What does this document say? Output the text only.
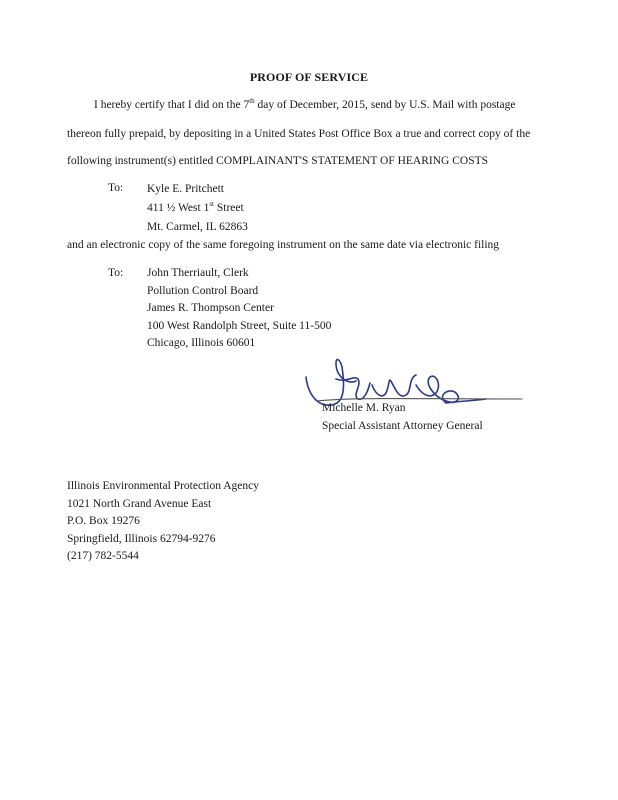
PROOF OF SERVICE
I hereby certify that I did on the 7th day of December, 2015, send by U.S. Mail with postage
thereon fully prepaid, by depositing in a United States Post Office Box a true and correct copy of the
following instrument(s) entitled COMPLAINANT'S STATEMENT OF HEARING COSTS
To: Kyle E. Pritchett
411 ½ West 1st Street
Mt. Carmel, IL 62863
and an electronic copy of the same foregoing instrument on the same date via electronic filing
To: John Therriault, Clerk
Pollution Control Board
James R. Thompson Center
100 West Randolph Street, Suite 11-500
Chicago, Illinois 60601
Michelle M. Ryan
Special Assistant Attorney General
Illinois Environmental Protection Agency
1021 North Grand Avenue East
P.O. Box 19276
Springfield, Illinois 62794-9276
(217) 782-5544
